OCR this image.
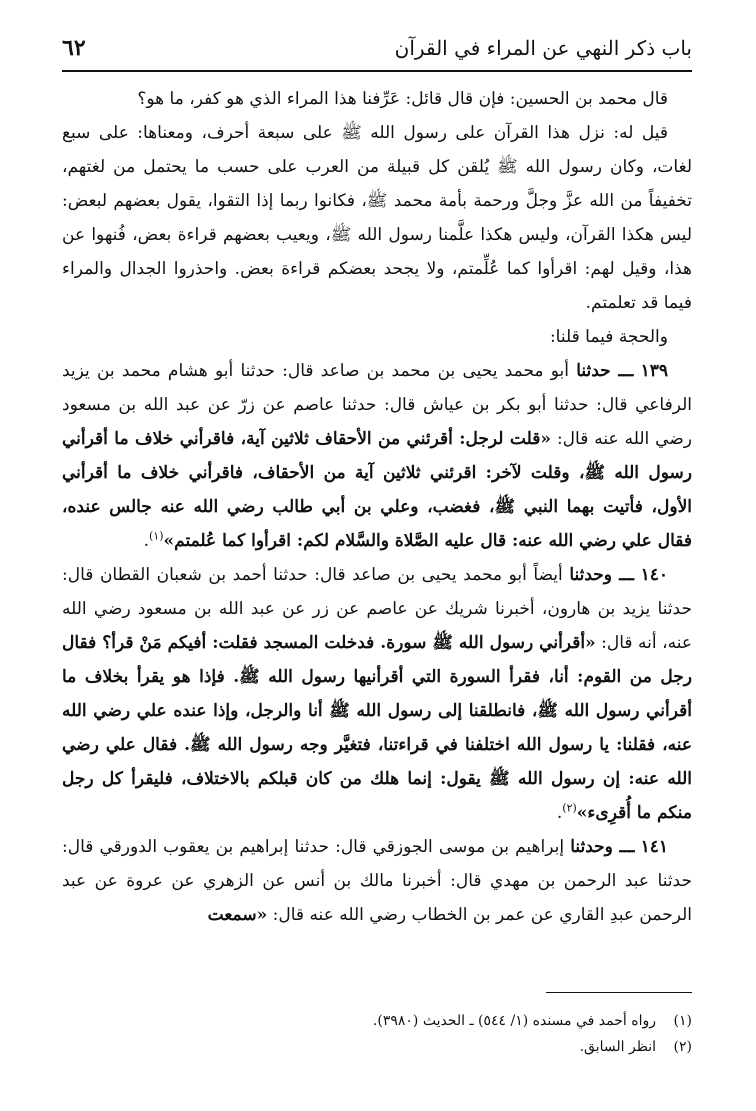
باب ذكر النهي عن المراء في القرآن
٦٢

قال محمد بن الحسين: فإن قال قائل: عَرِّفنا هذا المراء الذي هو كفر، ما هو؟

قيل له: نزل هذا القرآن على رسول الله ﷺ على سبعة أحرف، ومعناها: على سبع لغات، وكان رسول الله ﷺ يُلقن كل قبيلة من العرب على حسب ما يحتمل من لغتهم، تخفيفاً من الله عزَّ وجلَّ ورحمة بأمة محمد ﷺ، فكانوا ربما إذا التقوا، يقول بعضهم لبعض: ليس هكذا القرآن، وليس هكذا علَّمنا رسول الله ﷺ، ويعيب بعضهم قراءة بعض، فُنهوا عن هذا، وقيل لهم: اقرأوا كما عُلِّمتم، ولا يجحد بعضكم قراءة بعض. واحذروا الجدال والمراء فيما قد تعلمتم.

والحجة فيما قلنا:

١٣٩ ـــ حدثنا أبو محمد يحيى بن محمد بن صاعد قال: حدثنا أبو هشام محمد بن يزيد الرفاعي قال: حدثنا أبو بكر بن عياش قال: حدثنا عاصم عن زرّ عن عبد الله بن مسعود رضي الله عنه قال: «قلت لرجل: أقرئني من الأحقاف ثلاثين آية، فاقرأني خلاف ما أقرأني رسول الله ﷺ، وقلت لآخر: اقرئني ثلاثين آية من الأحقاف، فاقرأني خلاف ما أقرأني الأول، فأتيت بهما النبي ﷺ، فغضب، وعلي بن أبي طالب رضي الله عنه جالس عنده، فقال علي رضي الله عنه: قال عليه الصَّلاة والسَّلام لكم: اقرأوا كما عُلمتم»$^{(١)}$.

١٤٠ ـــ وحدثنا أيضاً أبو محمد يحيى بن صاعد قال: حدثنا أحمد بن شعبان القطان قال: حدثنا يزيد بن هارون، أخبرنا شريك عن عاصم عن زر عن عبد الله بن مسعود رضي الله عنه، أنه قال: «أقرأني رسول الله ﷺ سورة. فدخلت المسجد فقلت: أفيكم مَنْ قرأ؟ فقال رجل من القوم: أنا، فقرأ السورة التي أقرأنيها رسول الله ﷺ. فإذا هو يقرأ بخلاف ما أقرأني رسول الله ﷺ، فانطلقنا إلى رسول الله ﷺ أنا والرجل، وإذا عنده علي رضي الله عنه، فقلنا: يا رسول الله اختلفنا في قراءتنا، فتغيَّر وجه رسول الله ﷺ. فقال علي رضي الله عنه: إن رسول الله ﷺ يقول: إنما هلك من كان قبلكم بالاختلاف، فليقرأ كل رجل منكم ما أُقرِىء»$^{(٢)}$.

١٤١ ـــ وحدثنا إبراهيم بن موسى الجوزقي قال: حدثنا إبراهيم بن يعقوب الدورقي قال: حدثنا عبد الرحمن بن مهدي قال: أخبرنا مالك بن أنس عن الزهري عن عروة عن عبد الرحمن عبدِ القاري عن عمر بن الخطاب رضي الله عنه قال: «سمعت

(١)
رواه أحمد في مسنده (١/ ٥٤٤) ـ الحديث (٣٩٨٠).
(٢)
انظر السابق.
